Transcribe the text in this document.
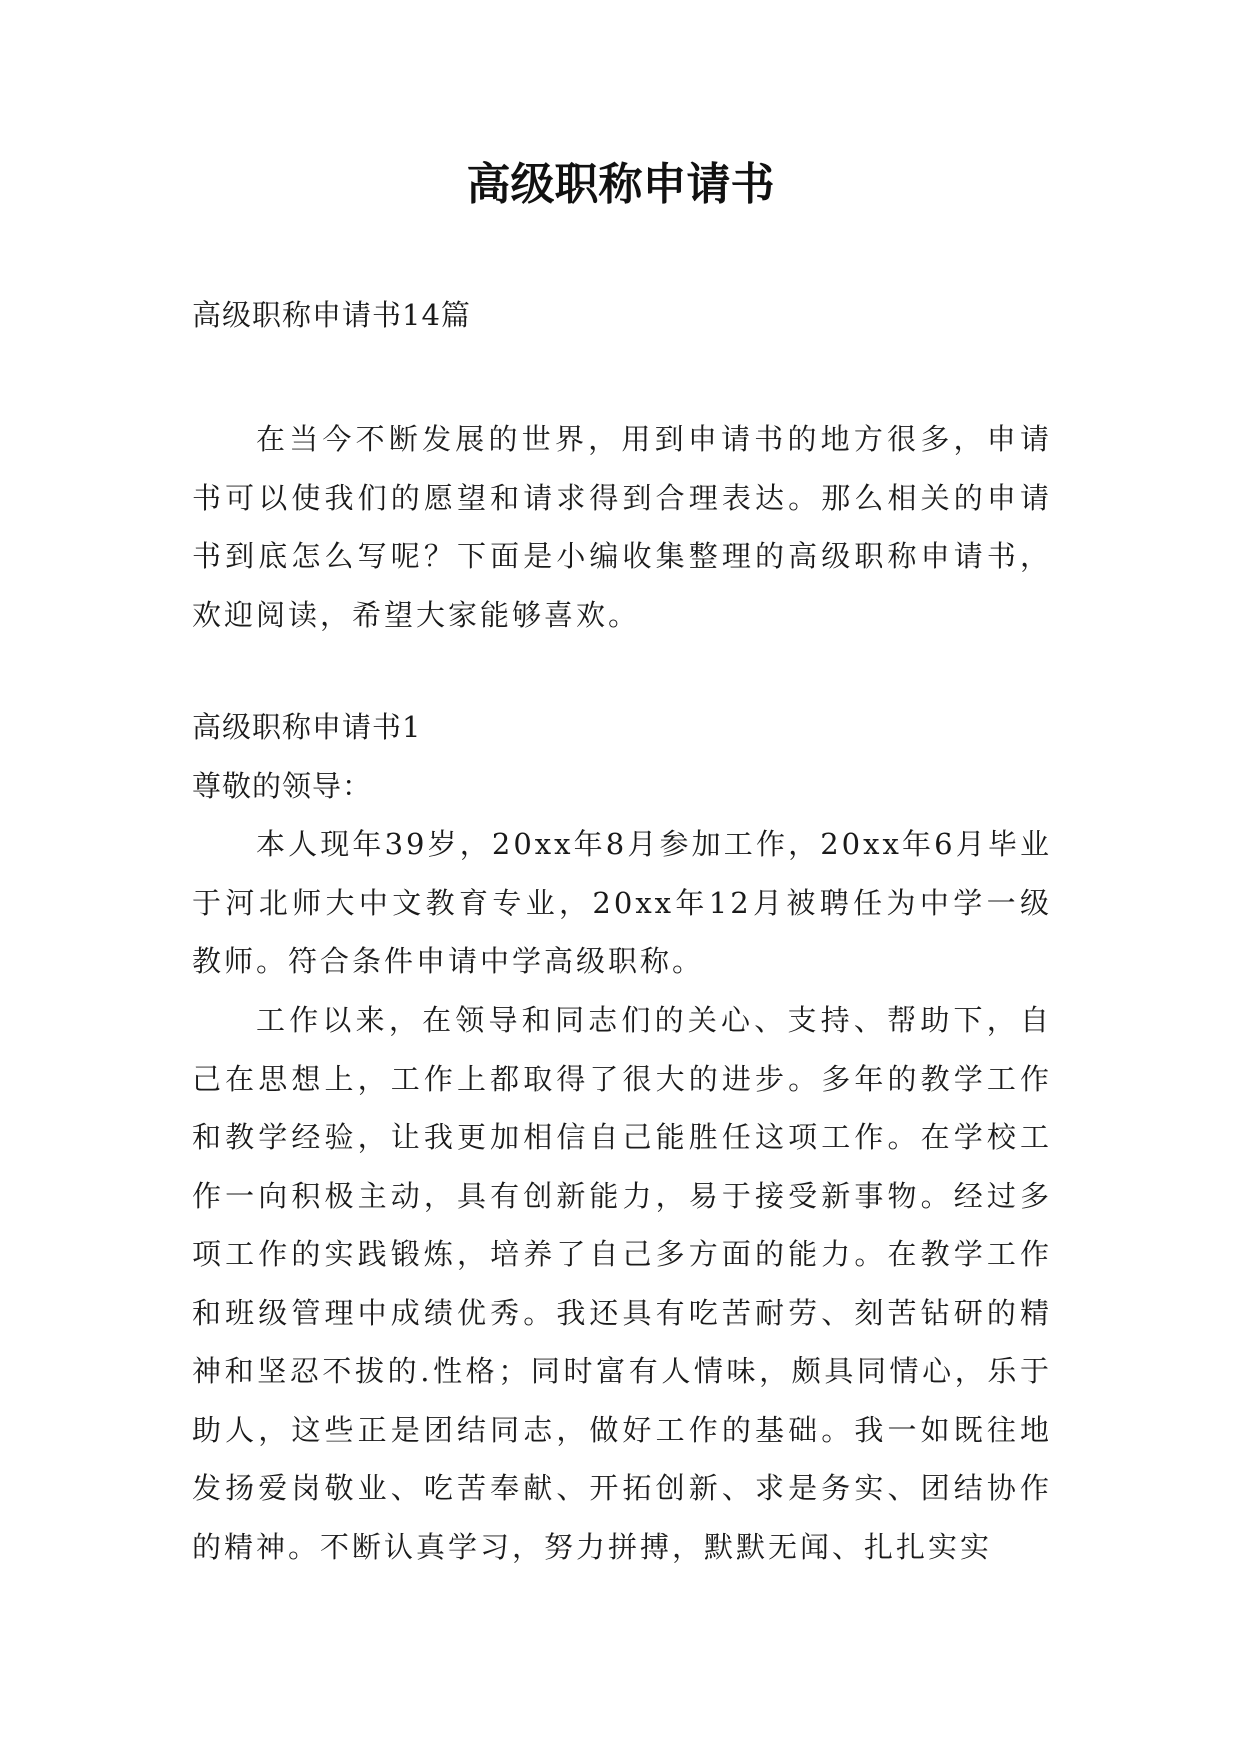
高级职称申请书

高级职称申请书14篇

在当今不断发展的世界，用到申请书的地方很多，申请书可以使我们的愿望和请求得到合理表达。那么相关的申请书到底怎么写呢？下面是小编收集整理的高级职称申请书，欢迎阅读，希望大家能够喜欢。

高级职称申请书1

尊敬的领导：

本人现年39岁，20xx年8月参加工作，20xx年6月毕业于河北师大中文教育专业，20xx年12月被聘任为中学一级教师。符合条件申请中学高级职称。

工作以来，在领导和同志们的关心、支持、帮助下，自己在思想上，工作上都取得了很大的进步。多年的教学工作和教学经验，让我更加相信自己能胜任这项工作。在学校工作一向积极主动，具有创新能力，易于接受新事物。经过多项工作的实践锻炼，培养了自己多方面的能力。在教学工作和班级管理中成绩优秀。我还具有吃苦耐劳、刻苦钻研的精神和坚忍不拔的.性格；同时富有人情味，颇具同情心，乐于助人，这些正是团结同志，做好工作的基础。我一如既往地发扬爱岗敬业、吃苦奉献、开拓创新、求是务实、团结协作的精神。不断认真学习，努力拼搏，默默无闻、扎扎实实
